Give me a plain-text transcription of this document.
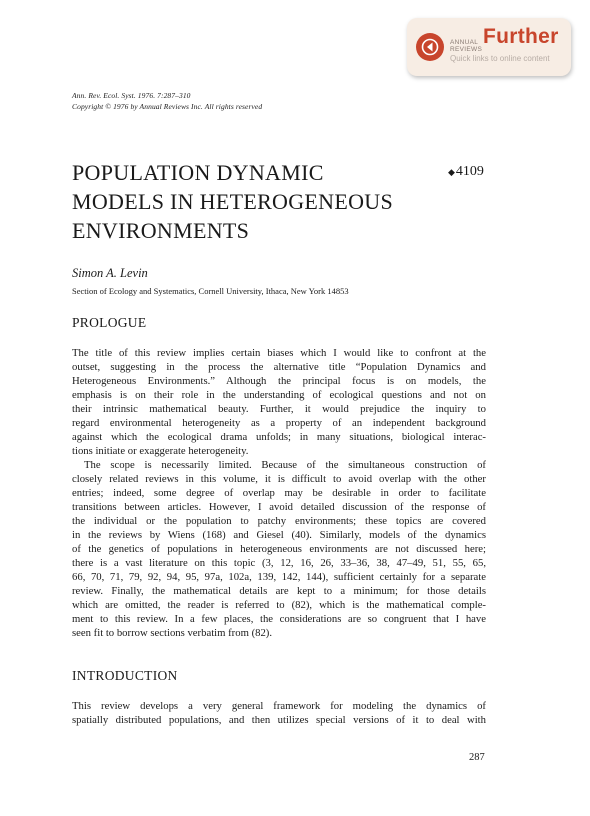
ANNUAL
REVIEWS
Further
Quick links to online content
Ann. Rev. Ecol. Syst. 1976. 7:287–310
Copyright © 1976 by Annual Reviews Inc. All rights reserved
POPULATION DYNAMIC
MODELS IN HETEROGENEOUS
ENVIRONMENTS
◆ 4109
Simon A. Levin
Section of Ecology and Systematics, Cornell University, Ithaca, New York 14853
PROLOGUE
The title of this review implies certain biases which I would like to confront at the
outset, suggesting in the process the alternative title “Population Dynamics and
Heterogeneous Environments.” Although the principal focus is on models, the
emphasis is on their role in the understanding of ecological questions and not on
their intrinsic mathematical beauty. Further, it would prejudice the inquiry to
regard environmental heterogeneity as a property of an independent background
against which the ecological drama unfolds; in many situations, biological interac-
tions initiate or exaggerate heterogeneity.
The scope is necessarily limited. Because of the simultaneous construction of
closely related reviews in this volume, it is difficult to avoid overlap with the other
entries; indeed, some degree of overlap may be desirable in order to facilitate
transitions between articles. However, I avoid detailed discussion of the response of
the individual or the population to patchy environments; these topics are covered
in the reviews by Wiens (168) and Giesel (40). Similarly, models of the dynamics
of the genetics of populations in heterogeneous environments are not discussed here;
there is a vast literature on this topic (3, 12, 16, 26, 33–36, 38, 47–49, 51, 55, 65,
66, 70, 71, 79, 92, 94, 95, 97a, 102a, 139, 142, 144), sufficient certainly for a separate
review. Finally, the mathematical details are kept to a minimum; for those details
which are omitted, the reader is referred to (82), which is the mathematical comple-
ment to this review. In a few places, the considerations are so congruent that I have
seen fit to borrow sections verbatim from (82).
INTRODUCTION
This review develops a very general framework for modeling the dynamics of
spatially distributed populations, and then utilizes special versions of it to deal with
287
